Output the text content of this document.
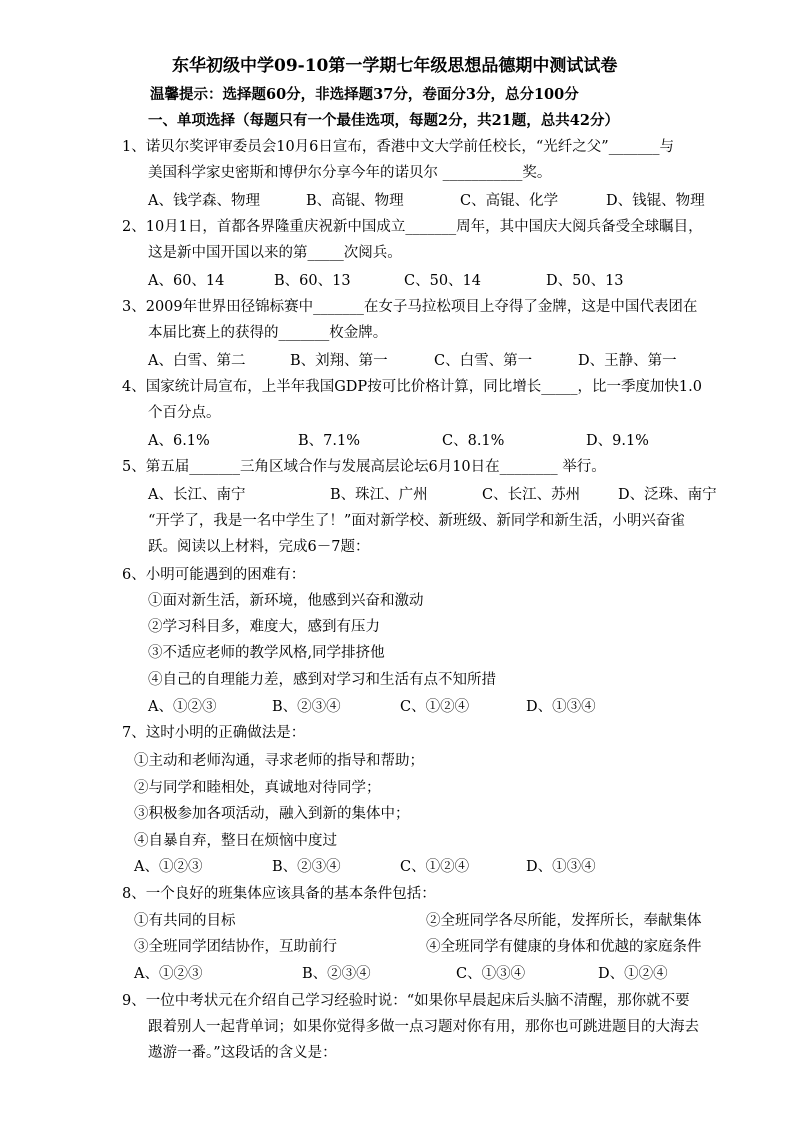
东华初级中学09-10第一学期七年级思想品德期中测试试卷
温馨提示：选择题60分，非选择题37分，卷面分3分，总分100分
一、单项选择（每题只有一个最佳选项，每题2分，共21题，总共42分）
1、诺贝尔奖评审委员会10月6日宣布，香港中文大学前任校长，“光纤之父”_______与
美国科学家史密斯和博伊尔分享今年的诺贝尔 ___________奖。
A、钱学森、物理	B、高锟、物理	C、高锟、化学	D、钱锟、物理
2、10月1日，首都各界隆重庆祝新中国成立_______周年，其中国庆大阅兵备受全球瞩目，
这是新中国开国以来的第_____次阅兵。
A、60、14	B、60、13	C、50、14	D、50、13
3、2009年世界田径锦标赛中_______在女子马拉松项目上夺得了金牌，这是中国代表团在
本届比赛上的获得的_______枚金牌。
A、白雪、第二	B、刘翔、第一	C、白雪、第一	D、王静、第一
4、国家统计局宣布，上半年我国GDP按可比价格计算，同比增长_____，比一季度加快1.0
个百分点。
A、6.1%	B、7.1%	C、8.1%	D、9.1%
5、第五届_______三角区域合作与发展高层论坛6月10日在________ 举行。
A、长江、南宁	B、珠江、广州	C、长江、苏州	D、泛珠、南宁
“开学了，我是一名中学生了！”面对新学校、新班级、新同学和新生活，小明兴奋雀
跃。阅读以上材料，完成6－7题：
6、小明可能遇到的困难有：
①面对新生活，新环境，他感到兴奋和激动
②学习科目多，难度大，感到有压力
③不适应老师的教学风格,同学排挤他
④自己的自理能力差，感到对学习和生活有点不知所措
A、①②③	B、②③④	C、①②④	D、①③④
7、这时小明的正确做法是：
①主动和老师沟通，寻求老师的指导和帮助；
②与同学和睦相处，真诚地对待同学；
③积极参加各项活动，融入到新的集体中；
④自暴自弃，整日在烦恼中度过
A、①②③	B、②③④	C、①②④	D、①③④
8、一个良好的班集体应该具备的基本条件包括：
①有共同的目标	②全班同学各尽所能，发挥所长，奉献集体
③全班同学团结协作，互助前行	④全班同学有健康的身体和优越的家庭条件
A、①②③	B、②③④	C、①③④	D、①②④
9、一位中考状元在介绍自己学习经验时说：“如果你早晨起床后头脑不清醒，那你就不要
跟着别人一起背单词；如果你觉得多做一点习题对你有用，那你也可跳进题目的大海去
遨游一番。”这段话的含义是：
